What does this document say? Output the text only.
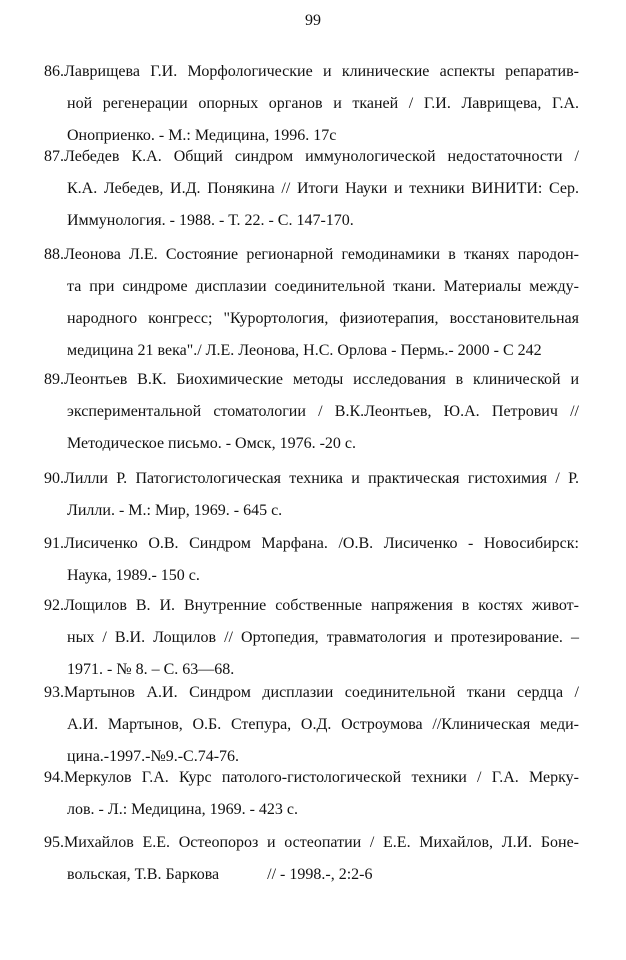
99
86. Лаврищева Г.И. Морфологические и клинические аспекты репаратив-
ной регенерации опорных органов и тканей / Г.И. Лаврищева, Г.А.
Оноприенко. - М.: Медицина, 1996. 17с
87. Лебедев К.А. Общий синдром иммунологической недостаточности /
К.А. Лебедев, И.Д. Понякина // Итоги Науки и техники ВИНИТИ: Сер.
Иммунология. - 1988. - Т. 22. - С. 147-170.
88. Леонова Л.Е. Состояние регионарной гемодинамики в тканях пародон-
та при синдроме дисплазии соединительной ткани. Материалы между-
народного конгресс; "Курортология, физиотерапия, восстановительная
медицина 21 века"./ Л.Е. Леонова, Н.С. Орлова - Пермь.- 2000 - С 242
89. Леонтьев В.К. Биохимические методы исследования в клинической и
экспериментальной стоматологии / В.К.Леонтьев, Ю.А. Петрович //
Методическое письмо. - Омск, 1976. -20 с.
90. Лилли Р. Патогистологическая техника и практическая гистохимия / Р.
Лилли. - М.: Мир, 1969. - 645 с.
91. Лисиченко О.В. Синдром Марфана. /О.В. Лисиченко - Новосибирск:
Наука, 1989.- 150 с.
92. Лощилов В. И. Внутренние собственные напряжения в костях живот-
ных / В.И. Лощилов // Ортопедия, травматология и протезирование. –
1971. - № 8. – С. 63—68.
93. Мартынов А.И. Синдром дисплазии соединительной ткани сердца /
А.И. Мартынов, О.Б. Степура, О.Д. Остроумова //Клиническая меди-
цина.-1997.-№9.-С.74-76.
94. Меркулов Г.А. Курс патолого-гистологической техники / Г.А. Мерку-
лов. - Л.: Медицина, 1969. - 423 с.
95. Михайлов Е.Е. Остеопороз и остеопатии / Е.Е. Михайлов, Л.И. Боне-
вольская, Т.В. Баркова            // - 1998.-, 2:2-6
